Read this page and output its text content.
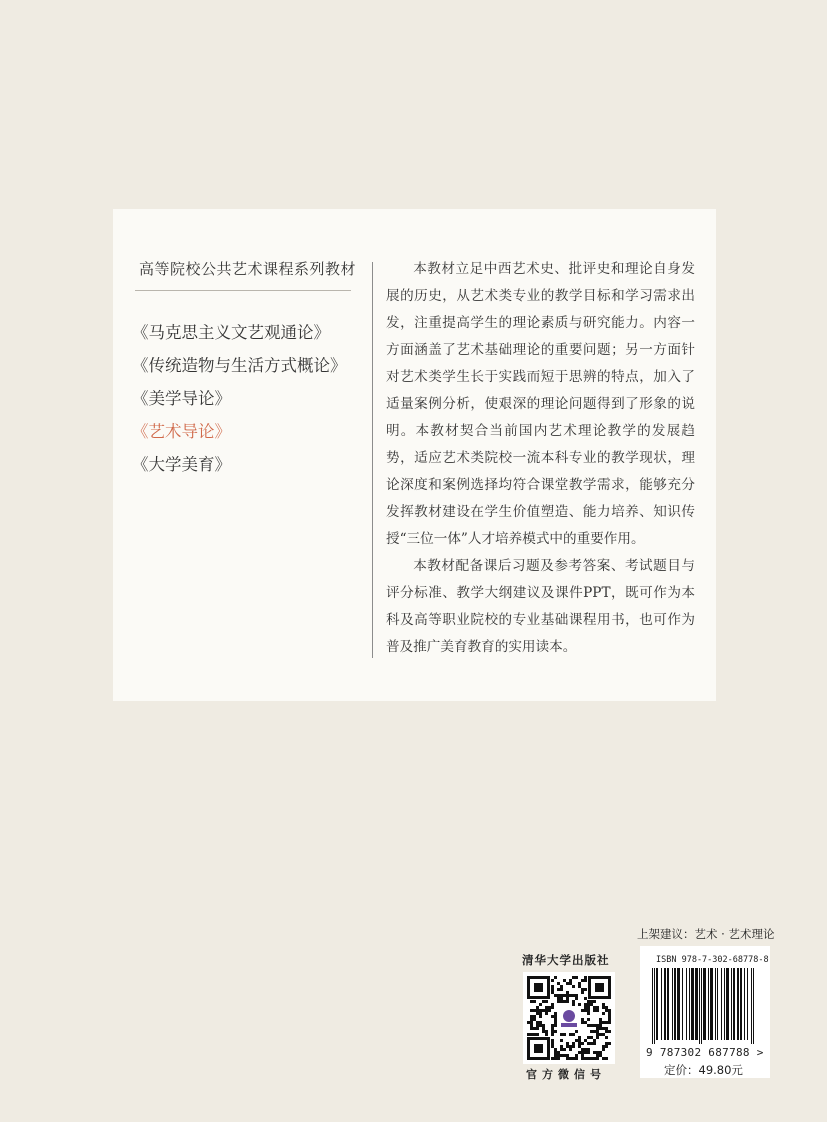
高等院校公共艺术课程系列教材
《马克思主义文艺观通论》
《传统造物与生活方式概论》
《美学导论》
《艺术导论》
《大学美育》

本教材立足中西艺术史、批评史和理论自身发展的历史，从艺术类专业的教学目标和学习需求出发，注重提高学生的理论素质与研究能力。内容一方面涵盖了艺术基础理论的重要问题；另一方面针对艺术类学生长于实践而短于思辨的特点，加入了适量案例分析，使艰深的理论问题得到了形象的说明。本教材契合当前国内艺术理论教学的发展趋势，适应艺术类院校一流本科专业的教学现状，理论深度和案例选择均符合课堂教学需求，能够充分发挥教材建设在学生价值塑造、能力培养、知识传授“三位一体”人才培养模式中的重要作用。

本教材配备课后习题及参考答案、考试题目与评分标准、教学大纲建议及课件PPT，既可作为本科及高等职业院校的专业基础课程用书，也可作为普及推广美育教育的实用读本。

上架建议：艺术 · 艺术理论
清华大学出版社
官方微信号
ISBN 978-7-302-68778-8
9 787302 687788 >
定价：49.80元
